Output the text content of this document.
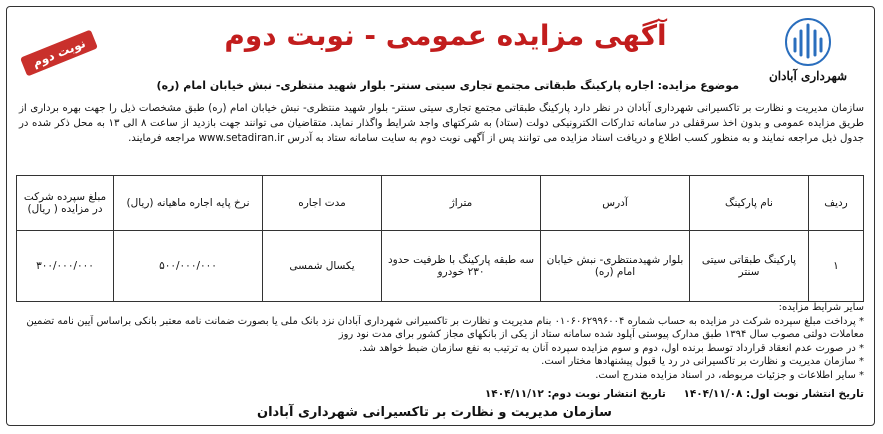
شهرداری آبادان
نوبت دوم
آگهی مزایده عمومی - نوبت دوم
موضوع مزایده: اجاره پارکینگ طبقاتی مجتمع تجاری سیتی سنتر- بلوار شهید منتظری- نبش خیابان امام (ره)
سازمان مدیریت و نظارت بر تاکسیرانی شهرداری آبادان در نظر دارد پارکینگ طبقاتی مجتمع تجاری سیتی سنتر- بلوار شهید منتظری- نبش خیابان امام (ره) طبق مشخصات ذیل را جهت بهره برداری از طریق مزایده عمومی و بدون اخذ سرقفلی در سامانه تدارکات الکترونیکی دولت (ستاد) به شرکتهای واجد شرایط واگذار نماید. متقاضیان می توانند جهت بازدید از ساعت ۸ الی ۱۳ به محل ذکر شده در جدول ذیل مراجعه نمایند و به منظور کسب اطلاع و دریافت اسناد مزایده می توانند پس از آگهی نوبت دوم به سایت سامانه ستاد به آدرس www.setadiran.ir مراجعه فرمایند.
ردیف	نام پارکینگ	آدرس	متراژ	مدت اجاره	نرخ پایه اجاره ماهیانه (ریال)	مبلغ سپرده شرکت در مزایده ( ریال)
۱	پارکینگ طبقاتی سیتی سنتر	بلوار شهیدمنتظری- نبش خیابان امام (ره)	سه طبقه پارکینگ با ظرفیت حدود ۲۳۰ خودرو	یکسال شمسی	۵۰۰/۰۰۰/۰۰۰	۳۰۰/۰۰۰/۰۰۰
سایر شرایط مزایده:
* پرداخت مبلغ سپرده شرکت در مزایده به حساب شماره ۰۱۰۶۰۶۲۹۹۶۰۰۴ بنام مدیریت و نظارت بر تاکسیرانی شهرداری آبادان نزد بانک ملی یا بصورت ضمانت نامه معتبر بانکی براساس آیین نامه تضمین
معاملات دولتی مصوب سال ۱۳۹۴ طبق مدارک پیوستی آپلود شده سامانه ستاد از یکی از بانکهای مجاز کشور برای مدت نود روز
* در صورت عدم انعقاد قرارداد توسط برنده اول، دوم و سوم مزایده سپرده آنان به ترتیب به نفع سازمان ضبط خواهد شد.
* سازمان مدیریت و نظارت بر تاکسیرانی در رد یا قبول پیشنهادها مختار است.
* سایر اطلاعات و جزئیات مربوطه، در اسناد مزایده مندرج است.
تاریخ انتشار نوبت اول: ۱۴۰۴/۱۱/۰۸ تاریخ انتشار نوبت دوم: ۱۴۰۴/۱۱/۱۲
سازمان مدیریت و نظارت بر تاکسیرانی شهرداری آبادان
